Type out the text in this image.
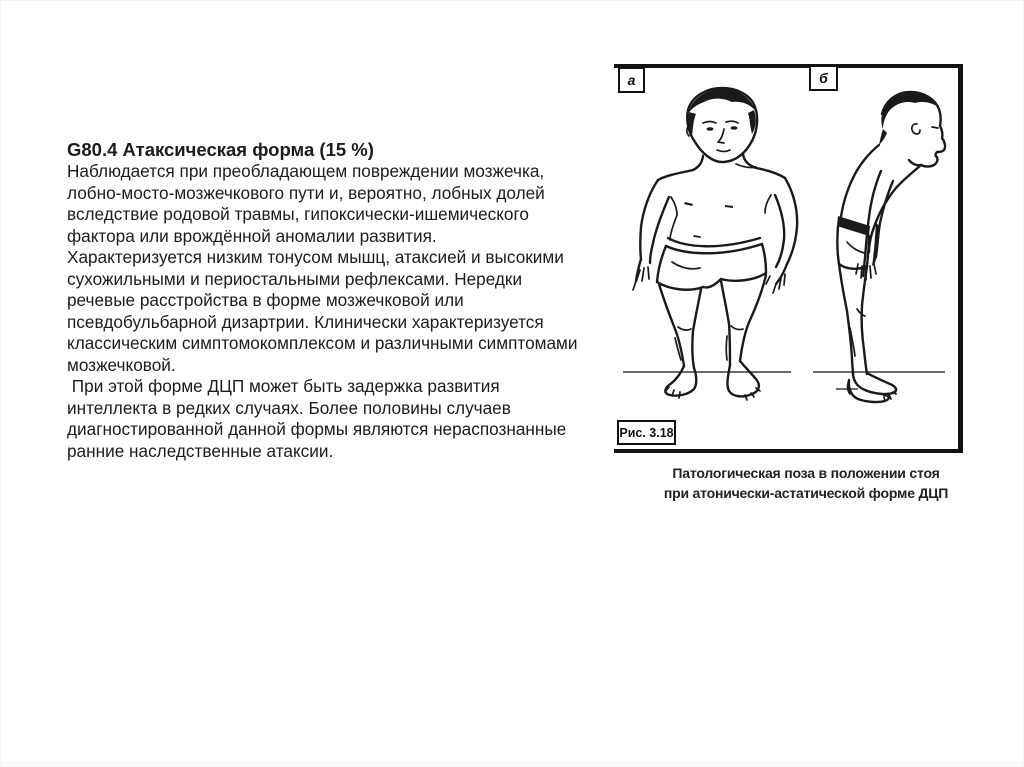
G80.4 Атаксическая форма (15 %)
Наблюдается при преобладающем повреждении мозжечка,
лобно-мосто-мозжечкового пути и, вероятно, лобных долей
вследствие родовой травмы, гипоксически-ишемического
фактора или врождённой аномалии развития.
Характеризуется низким тонусом мышц, атаксией и высокими
сухожильными и периостальными рефлексами. Нередки
речевые расстройства в форме мозжечковой или
псевдобульбарной дизартрии. Клинически характеризуется
классическим симптомокомплексом и различными симптомами
мозжечковой.
При этой форме ДЦП может быть задержка развития
интеллекта в редких случаях. Более половины случаев
диагностированной данной формы являются нераспознанные
ранние наследственные атаксии.
а	б
Рис. 3.18
Патологическая поза в положении стоя
при атонически-астатической форме ДЦП
